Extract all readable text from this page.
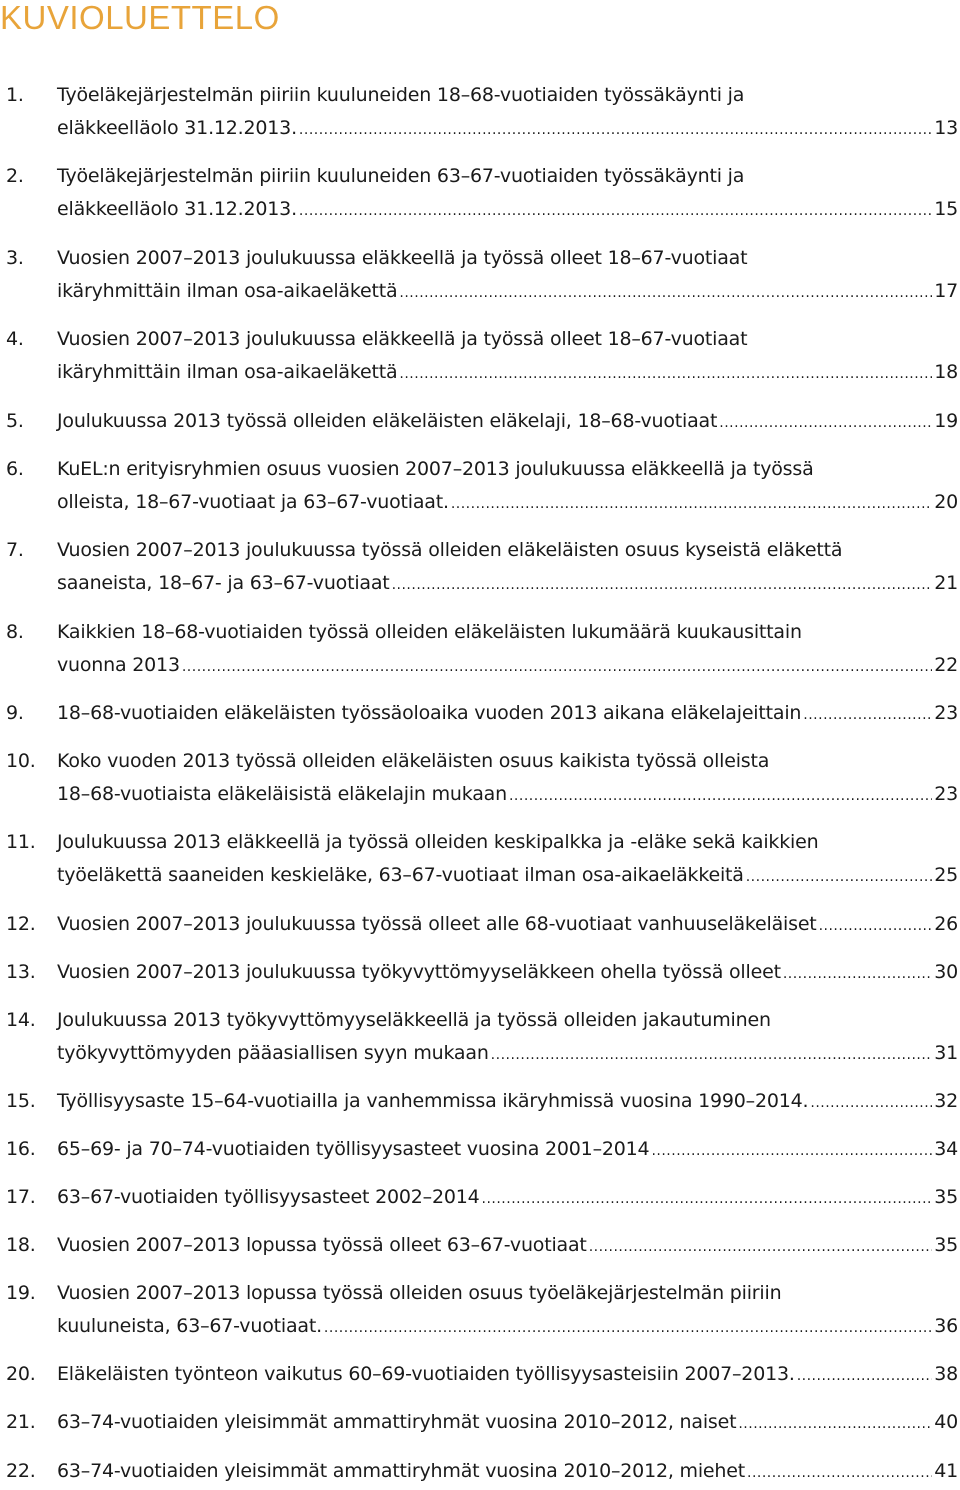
KUVIOLUETTELO
1. Työeläkejärjestelmän piiriin kuuluneiden 18–68-vuotiaiden työssäkäynti ja
eläkkeelläolo 31.12.2013. .....	13
2. Työeläkejärjestelmän piiriin kuuluneiden 63–67-vuotiaiden työssäkäynti ja
eläkkeelläolo 31.12.2013. .....	15
3. Vuosien 2007–2013 joulukuussa eläkkeellä ja työssä olleet 18–67-vuotiaat
ikäryhmittäin ilman osa-aikaeläkettä .....	17
4. Vuosien 2007–2013 joulukuussa eläkkeellä ja työssä olleet 18–67-vuotiaat
ikäryhmittäin ilman osa-aikaeläkettä .....	18
5. Joulukuussa 2013 työssä olleiden eläkeläisten eläkelaji, 18–68-vuotiaat .....	19
6. KuEL:n erityisryhmien osuus vuosien 2007–2013 joulukuussa eläkkeellä ja työssä
olleista, 18–67-vuotiaat ja 63–67-vuotiaat. .....	20
7. Vuosien 2007–2013 joulukuussa työssä olleiden eläkeläisten osuus kyseistä eläkettä
saaneista, 18–67- ja 63–67-vuotiaat .....	21
8. Kaikkien 18–68-vuotiaiden työssä olleiden eläkeläisten lukumäärä kuukausittain
vuonna 2013 .....	22
9. 18–68-vuotiaiden eläkeläisten työssäoloaika vuoden 2013 aikana eläkelajeittain .....	23
10. Koko vuoden 2013 työssä olleiden eläkeläisten osuus kaikista työssä olleista
18–68-vuotiaista eläkeläisistä eläkelajin mukaan .....	23
11. Joulukuussa 2013 eläkkeellä ja työssä olleiden keskipalkka ja -eläke sekä kaikkien
työeläkettä saaneiden keskieläke, 63–67-vuotiaat ilman osa-aikaeläkkeitä .....	25
12. Vuosien 2007–2013 joulukuussa työssä olleet alle 68-vuotiaat vanhuuseläkeläiset .....	26
13. Vuosien 2007–2013 joulukuussa työkyvyttömyyseläkkeen ohella työssä olleet .....	30
14. Joulukuussa 2013 työkyvyttömyyseläkkeellä ja työssä olleiden jakautuminen
työkyvyttömyyden pääasiallisen syyn mukaan .....	31
15. Työllisyysaste 15–64-vuotiailla ja vanhemmissa ikäryhmissä vuosina 1990–2014. .....	32
16. 65–69- ja 70–74-vuotiaiden työllisyysasteet vuosina 2001–2014 .....	34
17. 63–67-vuotiaiden työllisyysasteet 2002–2014 .....	35
18. Vuosien 2007–2013 lopussa työssä olleet 63–67-vuotiaat .....	35
19. Vuosien 2007–2013 lopussa työssä olleiden osuus työeläkejärjestelmän piiriin
kuuluneista, 63–67-vuotiaat. .....	36
20. Eläkeläisten työnteon vaikutus 60–69-vuotiaiden työllisyysasteisiin 2007–2013. .....	38
21. 63–74-vuotiaiden yleisimmät ammattiryhmät vuosina 2010–2012, naiset .....	40
22. 63–74-vuotiaiden yleisimmät ammattiryhmät vuosina 2010–2012, miehet .....	41
